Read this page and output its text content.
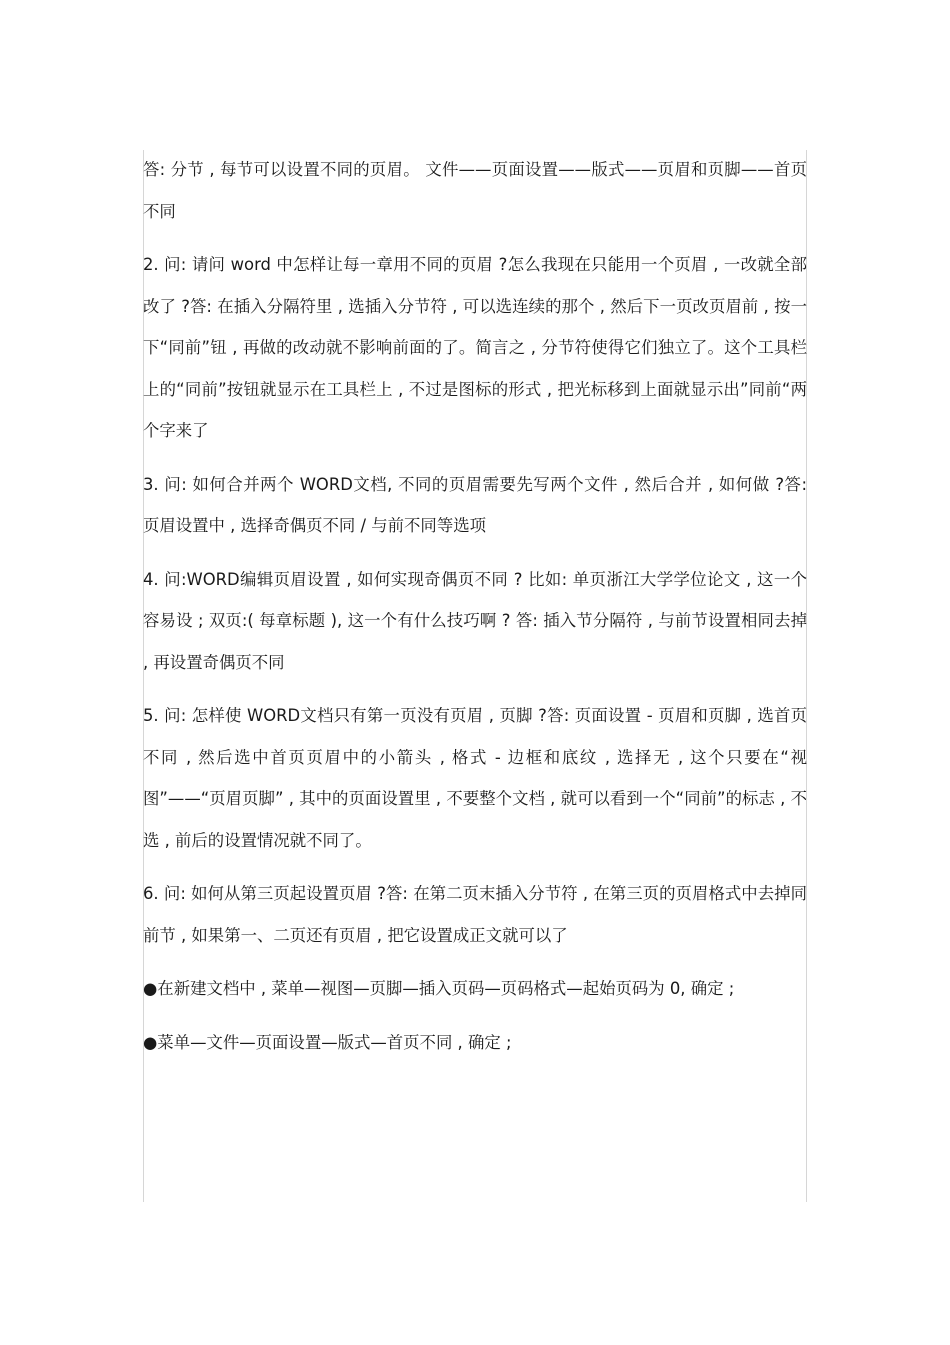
答: 分节 , 每节可以设置不同的页眉。 文件——页面设置——版式——页眉和页脚——首页不同

2. 问: 请问 word 中怎样让每一章用不同的页眉 ?怎么我现在只能用一个页眉 , 一改就全部改了 ?答: 在插入分隔符里 , 选插入分节符 , 可以选连续的那个 , 然后下一页改页眉前 , 按一下“同前”钮 , 再做的改动就不影响前面的了。简言之 , 分节符使得它们独立了。这个工具栏上的“同前”按钮就显示在工具栏上 , 不过是图标的形式 , 把光标移到上面就显示出”同前“两个字来了

3. 问: 如何合并两个 WORD文档, 不同的页眉需要先写两个文件 , 然后合并 , 如何做 ?答: 页眉设置中 , 选择奇偶页不同 / 与前不同等选项

4. 问:WORD编辑页眉设置 , 如何实现奇偶页不同 ? 比如: 单页浙江大学学位论文 , 这一个容易设 ; 双页:( 每章标题 ), 这一个有什么技巧啊 ? 答: 插入节分隔符 , 与前节设置相同去掉 , 再设置奇偶页不同

5. 问: 怎样使 WORD文档只有第一页没有页眉 , 页脚 ?答: 页面设置 - 页眉和页脚 , 选首页不同 , 然后选中首页页眉中的小箭头 , 格式 - 边框和底纹 , 选择无 , 这个只要在“视图”——“页眉页脚” , 其中的页面设置里 , 不要整个文档 , 就可以看到一个“同前”的标志 , 不选 , 前后的设置情况就不同了。

6. 问: 如何从第三页起设置页眉 ?答: 在第二页末插入分节符 , 在第三页的页眉格式中去掉同前节 , 如果第一、二页还有页眉 , 把它设置成正文就可以了

●在新建文档中 , 菜单—视图—页脚—插入页码—页码格式—起始页码为 0, 确定 ;

●菜单—文件—页面设置—版式—首页不同 , 确定 ;
